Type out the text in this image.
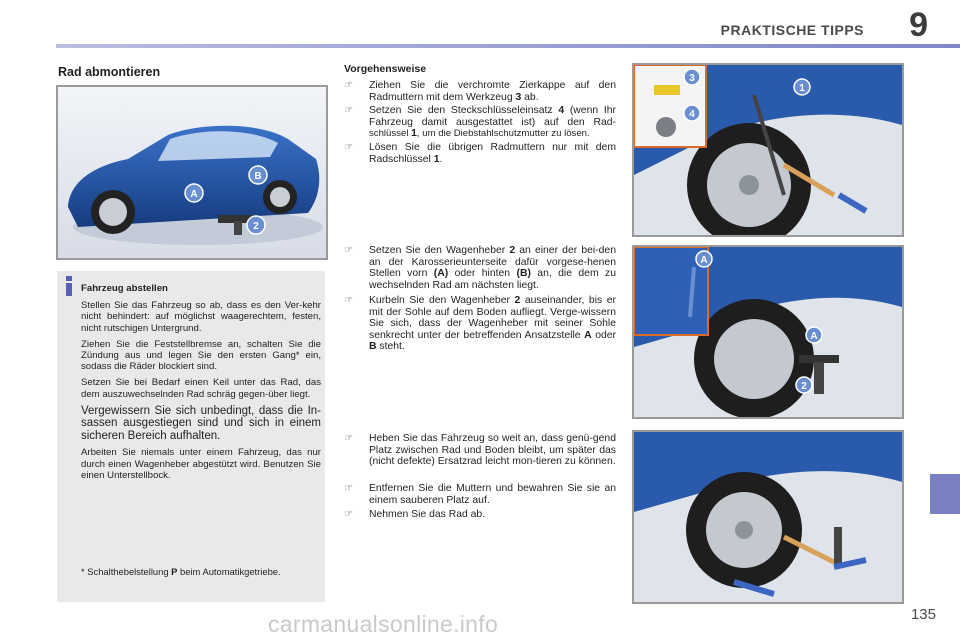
PRAKTISCHE TIPPS 9
Rad abmontieren
A
B
2
Fahrzeug abstellen

Stellen Sie das Fahrzeug so ab, dass es den Ver-kehr nicht behindert: auf möglichst waagerechtem, festen, nicht rutschigen Untergrund.

Ziehen Sie die Feststellbremse an, schalten Sie die Zündung aus und legen Sie den ersten Gang* ein, sodass die Räder blockiert sind.

Setzen Sie bei Bedarf einen Keil unter das Rad, das dem auszuwechselnden Rad schräg gegen-über liegt.

Vergewissern Sie sich unbedingt, dass die In-sassen ausgestiegen sind und sich in einem sicheren Bereich aufhalten.

Arbeiten Sie niemals unter einem Fahrzeug, das nur durch einen Wagenheber abgestützt wird. Benutzen Sie einen Unterstellbock.

* Schalthebelstellung P beim Automatikgetriebe.
Vorgehensweise
☞	Ziehen Sie die verchromte Zierkappe auf den Radmuttern mit dem Werkzeug 3 ab.
☞	Setzen Sie den Steckschlüsseleinsatz 4 (wenn Ihr Fahrzeug damit ausgestattet ist) auf den Rad-schlüssel 1, um die Diebstahlschutzmutter zu lösen.
☞	Lösen Sie die übrigen Radmuttern nur mit dem Radschlüssel 1.
☞	Setzen Sie den Wagenheber 2 an einer der bei-den an der Karosserieunterseite dafür vorgese-henen Stellen vorn (A) oder hinten (B) an, die dem zu wechselnden Rad am nächsten liegt.
☞	Kurbeln Sie den Wagenheber 2 auseinander, bis er mit der Sohle auf dem Boden aufliegt. Verge-wissern Sie sich, dass der Wagenheber mit seiner Sohle senkrecht unter der betreffenden Ansatzstelle A oder B steht.
☞	Heben Sie das Fahrzeug so weit an, dass genü-gend Platz zwischen Rad und Boden bleibt, um später das (nicht defekte) Ersatzrad leicht mon-tieren zu können.
☞	Entfernen Sie die Muttern und bewahren Sie sie an einem sauberen Platz auf.
☞	Nehmen Sie das Rad ab.
3
4
1
A
A
2
135
carmanualsonline.info
